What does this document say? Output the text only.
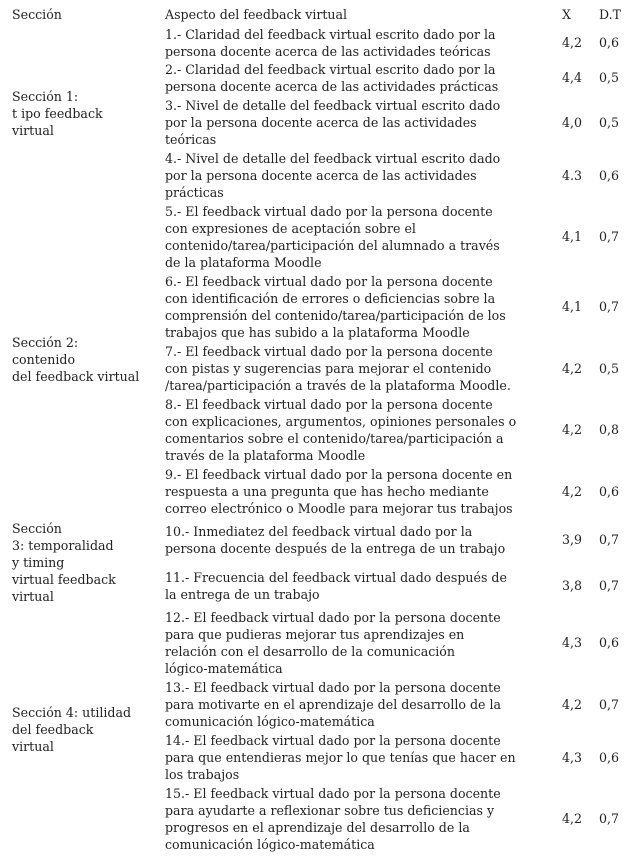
Sección	Aspecto del feedback virtual	X D.T
Sección 1:
t ipo feedback
virtual
Sección 2:
contenido
del feedback virtual
Sección
3: temporalidad
y timing
virtual feedback
virtual
Sección 4: utilidad
del feedback
virtual
1.- Claridad del feedback virtual escrito dado por la
persona docente acerca de las actividades teóricas
4,2 0,6
2.- Claridad del feedback virtual escrito dado por la
persona docente acerca de las actividades prácticas
4,4 0,5
3.- Nivel de detalle del feedback virtual escrito dado
por la persona docente acerca de las actividades
teóricas
4,0 0,5
4.- Nivel de detalle del feedback virtual escrito dado
por la persona docente acerca de las actividades
prácticas
4.3 0,6
5.- El feedback virtual dado por la persona docente
con expresiones de aceptación sobre el
contenido/tarea/participación del alumnado a través
de la plataforma Moodle
4,1 0,7
6.- El feedback virtual dado por la persona docente
con identificación de errores o deficiencias sobre la
comprensión del contenido/tarea/participación de los
trabajos que has subido a la plataforma Moodle
4,1 0,7
7.- El feedback virtual dado por la persona docente
con pistas y sugerencias para mejorar el contenido
/tarea/participación a través de la plataforma Moodle.
4,2 0,5
8.- El feedback virtual dado por la persona docente
con explicaciones, argumentos, opiniones personales o
comentarios sobre el contenido/tarea/participación a
través de la plataforma Moodle
4,2 0,8
9.- El feedback virtual dado por la persona docente en
respuesta a una pregunta que has hecho mediante
correo electrónico o Moodle para mejorar tus trabajos
4,2 0,6
10.- Inmediatez del feedback virtual dado por la
persona docente después de la entrega de un trabajo
3,9 0,7
11.- Frecuencia del feedback virtual dado después de
la entrega de un trabajo
3,8 0,7
12.- El feedback virtual dado por la persona docente
para que pudieras mejorar tus aprendizajes en
relación con el desarrollo de la comunicación
lógico-matemática
4,3 0,6
13.- El feedback virtual dado por la persona docente
para motivarte en el aprendizaje del desarrollo de la
comunicación lógico-matemática
4,2 0,7
14.- El feedback virtual dado por la persona docente
para que entendieras mejor lo que tenías que hacer en
los trabajos
4,3 0,6
15.- El feedback virtual dado por la persona docente
para ayudarte a reflexionar sobre tus deficiencias y
progresos en el aprendizaje del desarrollo de la
comunicación lógico-matemática
4,2 0,7
